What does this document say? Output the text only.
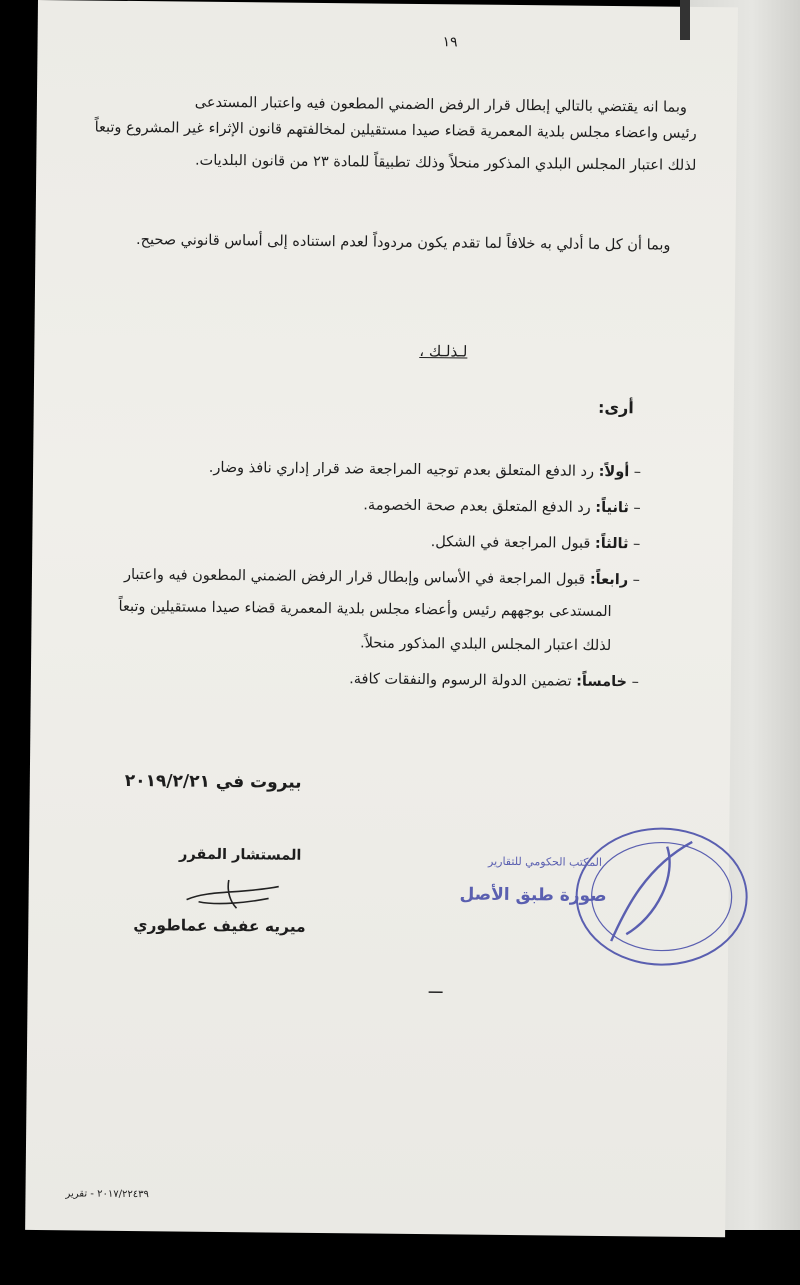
١٩
وبما انه يقتضي بالتالي إبطال قرار الرفض الضمني المطعون فيه واعتبار المستدعى
رئيس واعضاء مجلس بلدية المعمرية قضاء صيدا مستقيلين لمخالفتهم قانون الإثراء غير المشروع وتبعاً
لذلك اعتبار المجلس البلدي المذكور منحلاً وذلك تطبيقاً للمادة ٢٣ من قانون البلديات.
وبما أن كل ما أدلي به خلافاً لما تقدم يكون مردوداً لعدم استناده إلى أساس قانوني صحيح.
لـذلـك ،
أرى:
– أولاً: رد الدفع المتعلق بعدم توجيه المراجعة ضد قرار إداري نافذ وضار.
– ثانياً: رد الدفع المتعلق بعدم صحة الخصومة.
– ثالثاً: قبول المراجعة في الشكل.
– رابعاً: قبول المراجعة في الأساس وإبطال قرار الرفض الضمني المطعون فيه واعتبار
المستدعى بوجههم رئيس وأعضاء مجلس بلدية المعمرية قضاء صيدا مستقيلين وتبعاً
لذلك اعتبار المجلس البلدي المذكور منحلاً.
– خامساً: تضمين الدولة الرسوم والنفقات كافة.
بيروت في ٢٠١٩/٢/٢١
المستشار المقرر
ميريه عفيف عماطوري
المكتب الحكومي للتقارير
صورة طبق الأصل
٢٠١٧/٢٢٤٣٩ - تقرير
